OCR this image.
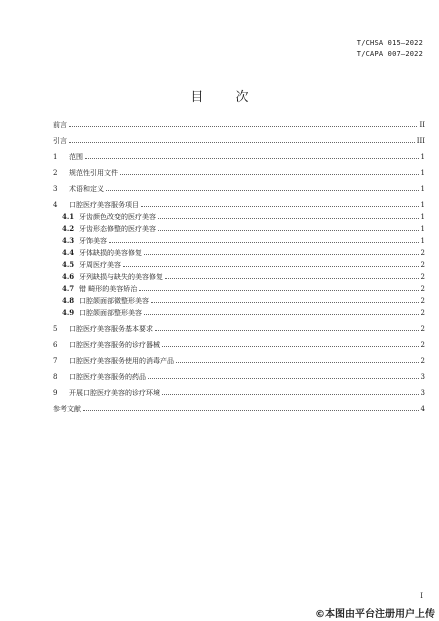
T/CHSA 015—2022
T/CAPA 007—2022
目 次
前言	II
引言	III
1	范围	1
2	规范性引用文件	1
3	术语和定义	1
4	口腔医疗美容服务项目	1
4.1 牙齿颜色改变的医疗美容	1
4.2 牙齿形态修整的医疗美容	1
4.3 牙饰美容	1
4.4 牙体缺损的美容修复	2
4.5 牙周医疗美容	2
4.6 牙列缺损与缺失的美容修复	2
4.7 错 畸形的美容矫治	2
4.8 口腔颌面部微整形美容	2
4.9 口腔颌面部整形美容	2
5	口腔医疗美容服务基本要求	2
6	口腔医疗美容服务的诊疗器械	2
7	口腔医疗美容服务使用的消毒产品	2
8	口腔医疗美容服务的药品	3
9	开展口腔医疗美容的诊疗环境	3
参考文献	4
I
©本图由平台注册用户上传
